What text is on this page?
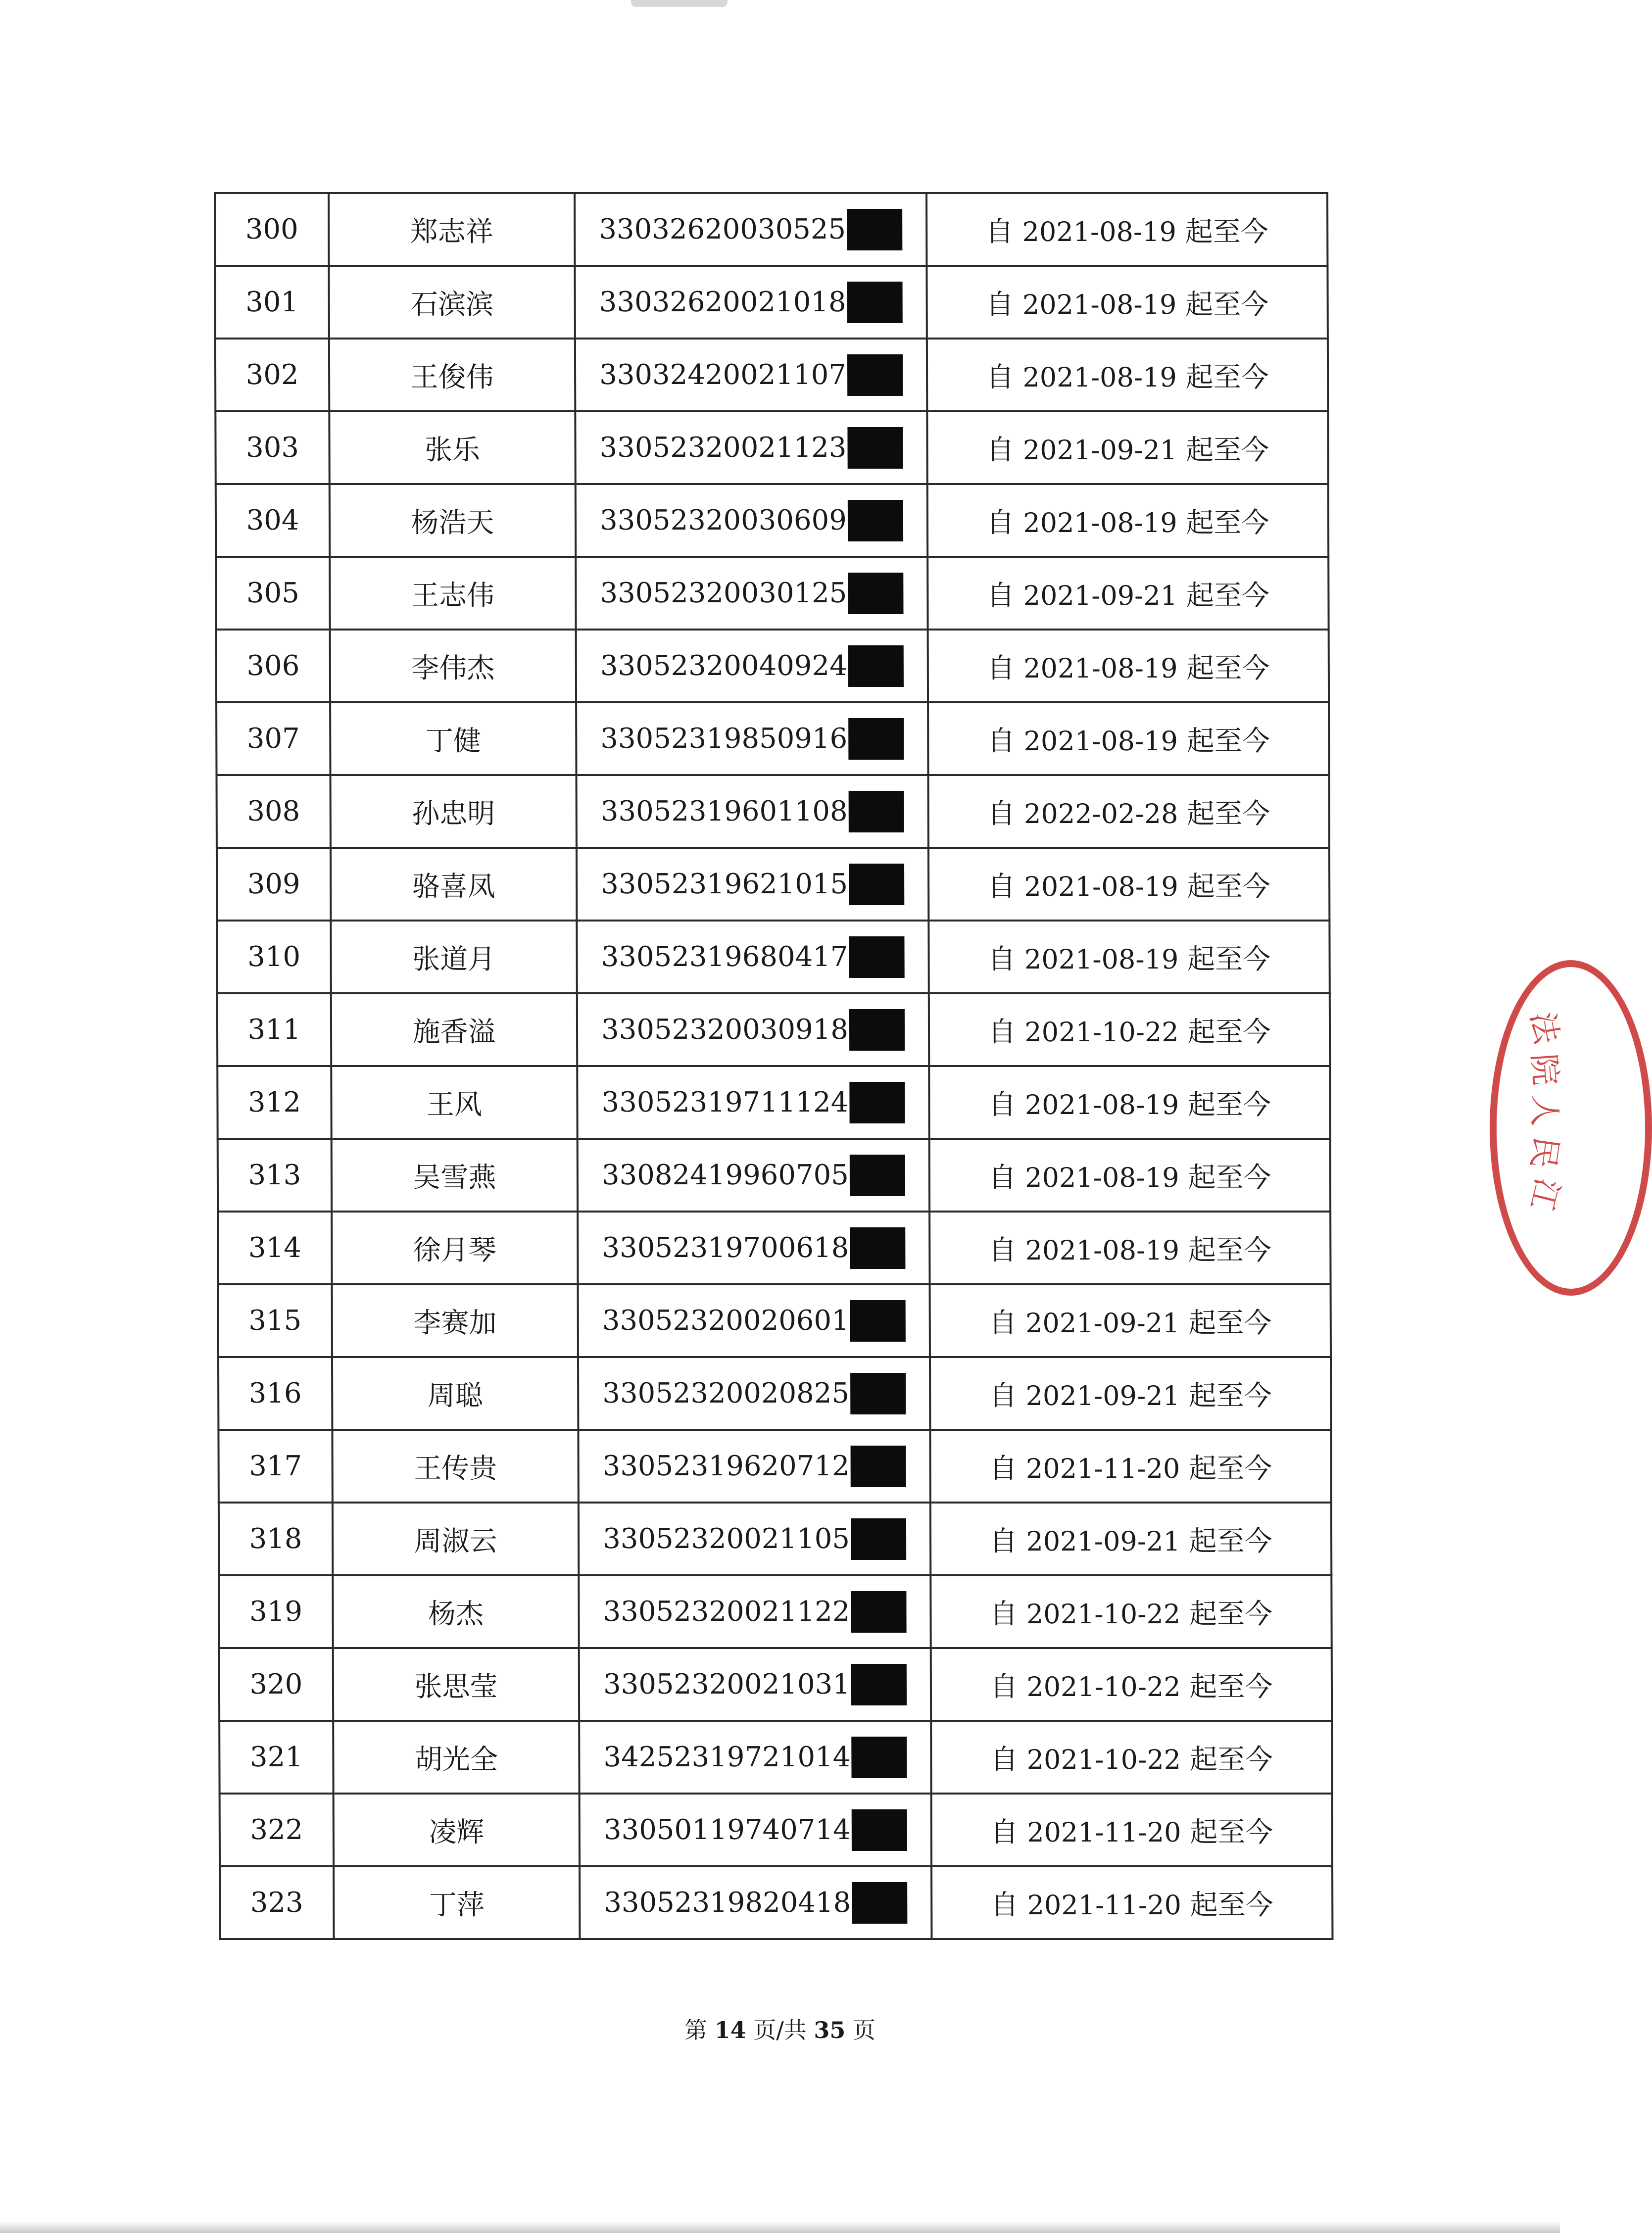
300	郑志祥	33032620030525	自 2021-08-19 起至今
301	石滨滨	33032620021018	自 2021-08-19 起至今
302	王俊伟	33032420021107	自 2021-08-19 起至今
303	张乐	33052320021123	自 2021-09-21 起至今
304	杨浩天	33052320030609	自 2021-08-19 起至今
305	王志伟	33052320030125	自 2021-09-21 起至今
306	李伟杰	33052320040924	自 2021-08-19 起至今
307	丁健	33052319850916	自 2021-08-19 起至今
308	孙忠明	33052319601108	自 2022-02-28 起至今
309	骆喜凤	33052319621015	自 2021-08-19 起至今
310	张道月	33052319680417	自 2021-08-19 起至今
311	施香溢	33052320030918	自 2021-10-22 起至今
312	王风	33052319711124	自 2021-08-19 起至今
313	吴雪燕	33082419960705	自 2021-08-19 起至今
314	徐月琴	33052319700618	自 2021-08-19 起至今
315	李赛加	33052320020601	自 2021-09-21 起至今
316	周聪	33052320020825	自 2021-09-21 起至今
317	王传贵	33052319620712	自 2021-11-20 起至今
318	周淑云	33052320021105	自 2021-09-21 起至今
319	杨杰	33052320021122	自 2021-10-22 起至今
320	张思莹	33052320021031	自 2021-10-22 起至今
321	胡光全	34252319721014	自 2021-10-22 起至今
322	凌辉	33050119740714	自 2021-11-20 起至今
323	丁萍	33052319820418	自 2021-11-20 起至今
第 14 页/共 35 页
法
院
人
民
江
